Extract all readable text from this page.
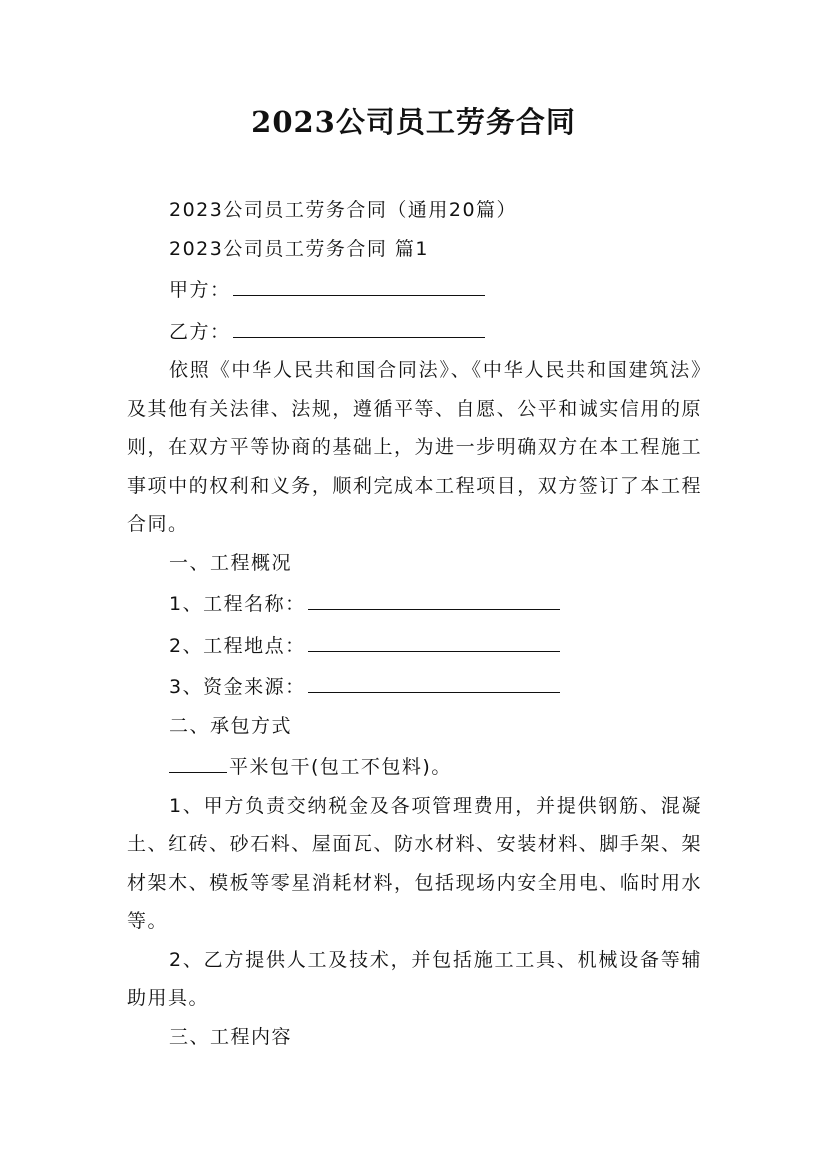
2023公司员工劳务合同

2023公司员工劳务合同（通用20篇）

2023公司员工劳务合同 篇1

甲方：

乙方：

依照《中华人民共和国合同法》、《中华人民共和国建筑法》及其他有关法律、法规，遵循平等、自愿、公平和诚实信用的原则，在双方平等协商的基础上，为进一步明确双方在本工程施工事项中的权利和义务，顺利完成本工程项目，双方签订了本工程合同。

一、工程概况

1、工程名称：

2、工程地点：

3、资金来源：

二、承包方式

平米包干(包工不包料)。

1、甲方负责交纳税金及各项管理费用，并提供钢筋、混凝土、红砖、砂石料、屋面瓦、防水材料、安装材料、脚手架、架材架木、模板等零星消耗材料，包括现场内安全用电、临时用水等。

2、乙方提供人工及技术，并包括施工工具、机械设备等辅助用具。

三、工程内容
